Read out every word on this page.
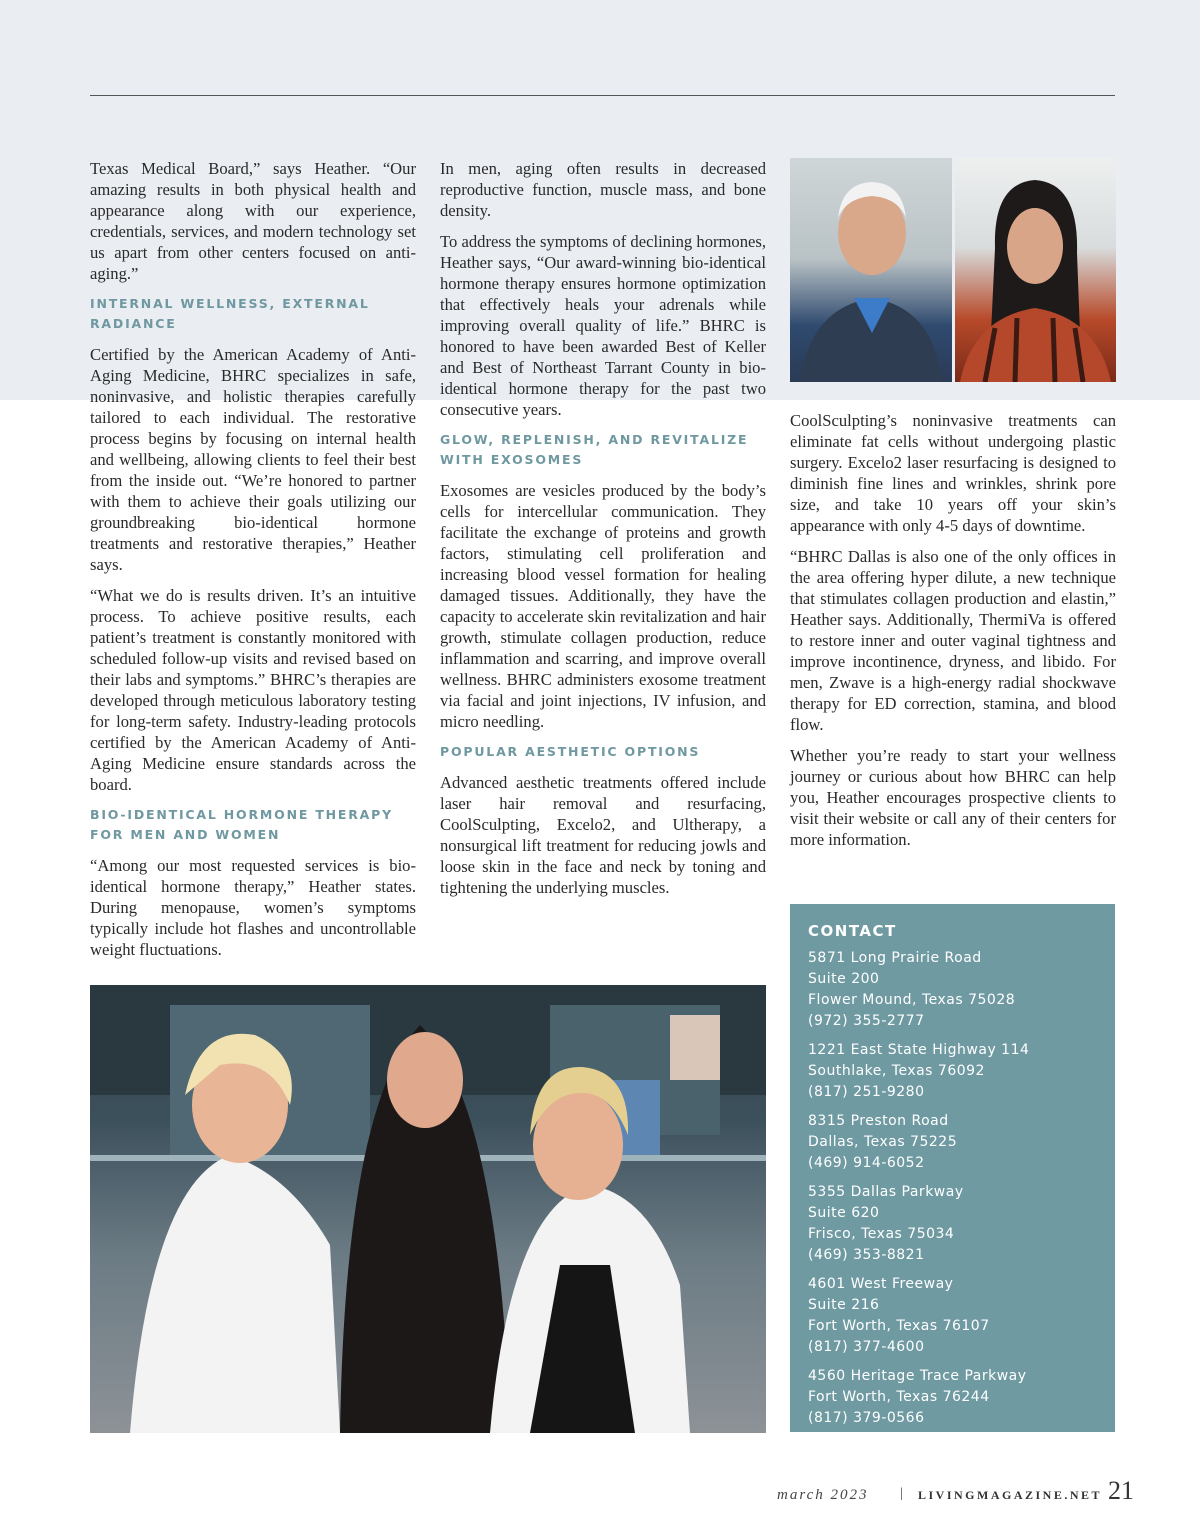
Texas Medical Board,” says Heather. “Our amazing results in both physical health and appearance along with our experience, credentials, services, and modern technology set us apart from other centers focused on anti-aging.”

INTERNAL WELLNESS, EXTERNAL RADIANCE

Certified by the American Academy of Anti-Aging Medicine, BHRC specializes in safe, noninvasive, and holistic therapies carefully tailored to each individual. The restorative process begins by focusing on internal health and wellbeing, allowing clients to feel their best from the inside out. “We’re honored to partner with them to achieve their goals utilizing our groundbreaking bio-identical hormone treatments and restorative therapies,” Heather says.

“What we do is results driven. It’s an intuitive process. To achieve positive results, each patient’s treatment is constantly monitored with scheduled follow-up visits and revised based on their labs and symptoms.” BHRC’s therapies are developed through meticulous laboratory testing for long-term safety. Industry-leading protocols certified by the American Academy of Anti-Aging Medicine ensure standards across the board.

BIO-IDENTICAL HORMONE THERAPY FOR MEN AND WOMEN

“Among our most requested services is bio-identical hormone therapy,” Heather states. During menopause, women’s symptoms typically include hot flashes and uncontrollable weight fluctuations.

In men, aging often results in decreased reproductive function, muscle mass, and bone density.

To address the symptoms of declining hormones, Heather says, “Our award-winning bio-identical hormone therapy ensures hormone optimization that effectively heals your adrenals while improving overall quality of life.” BHRC is honored to have been awarded Best of Keller and Best of Northeast Tarrant County in bio-identical hormone therapy for the past two consecutive years.

GLOW, REPLENISH, AND REVITALIZE WITH EXOSOMES

Exosomes are vesicles produced by the body’s cells for intercellular communication. They facilitate the exchange of proteins and growth factors, stimulating cell proliferation and increasing blood vessel formation for healing damaged tissues. Additionally, they have the capacity to accelerate skin revitalization and hair growth, stimulate collagen production, reduce inflammation and scarring, and improve overall wellness. BHRC administers exosome treatment via facial and joint injections, IV infusion, and micro needling.

POPULAR AESTHETIC OPTIONS

Advanced aesthetic treatments offered include laser hair removal and resurfacing, CoolSculpting, Excelo2, and Ultherapy, a nonsurgical lift treatment for reducing jowls and loose skin in the face and neck by toning and tightening the underlying muscles.

CoolSculpting’s noninvasive treatments can eliminate fat cells without undergoing plastic surgery. Excelo2 laser resurfacing is designed to diminish fine lines and wrinkles, shrink pore size, and take 10 years off your skin’s appearance with only 4-5 days of downtime.

“BHRC Dallas is also one of the only offices in the area offering hyper dilute, a new technique that stimulates collagen production and elastin,” Heather says. Additionally, ThermiVa is offered to restore inner and outer vaginal tightness and improve incontinence, dryness, and libido. For men, Zwave is a high-energy radial shockwave therapy for ED correction, stamina, and blood flow.

Whether you’re ready to start your wellness journey or curious about how BHRC can help you, Heather encourages prospective clients to visit their website or call any of their centers for more information.

CONTACT
5871 Long Prairie Road
Suite 200
Flower Mound, Texas 75028
(972) 355-2777
1221 East State Highway 114
Southlake, Texas 76092
(817) 251-9280
8315 Preston Road
Dallas, Texas 75225
(469) 914-6052
5355 Dallas Parkway
Suite 620
Frisco, Texas 75034
(469) 353-8821
4601 West Freeway
Suite 216
Fort Worth, Texas 76107
(817) 377-4600
4560 Heritage Trace Parkway
Fort Worth, Texas 76244
(817) 379-0566
march 2023 | LIVINGMAGAZINE.NET 21
